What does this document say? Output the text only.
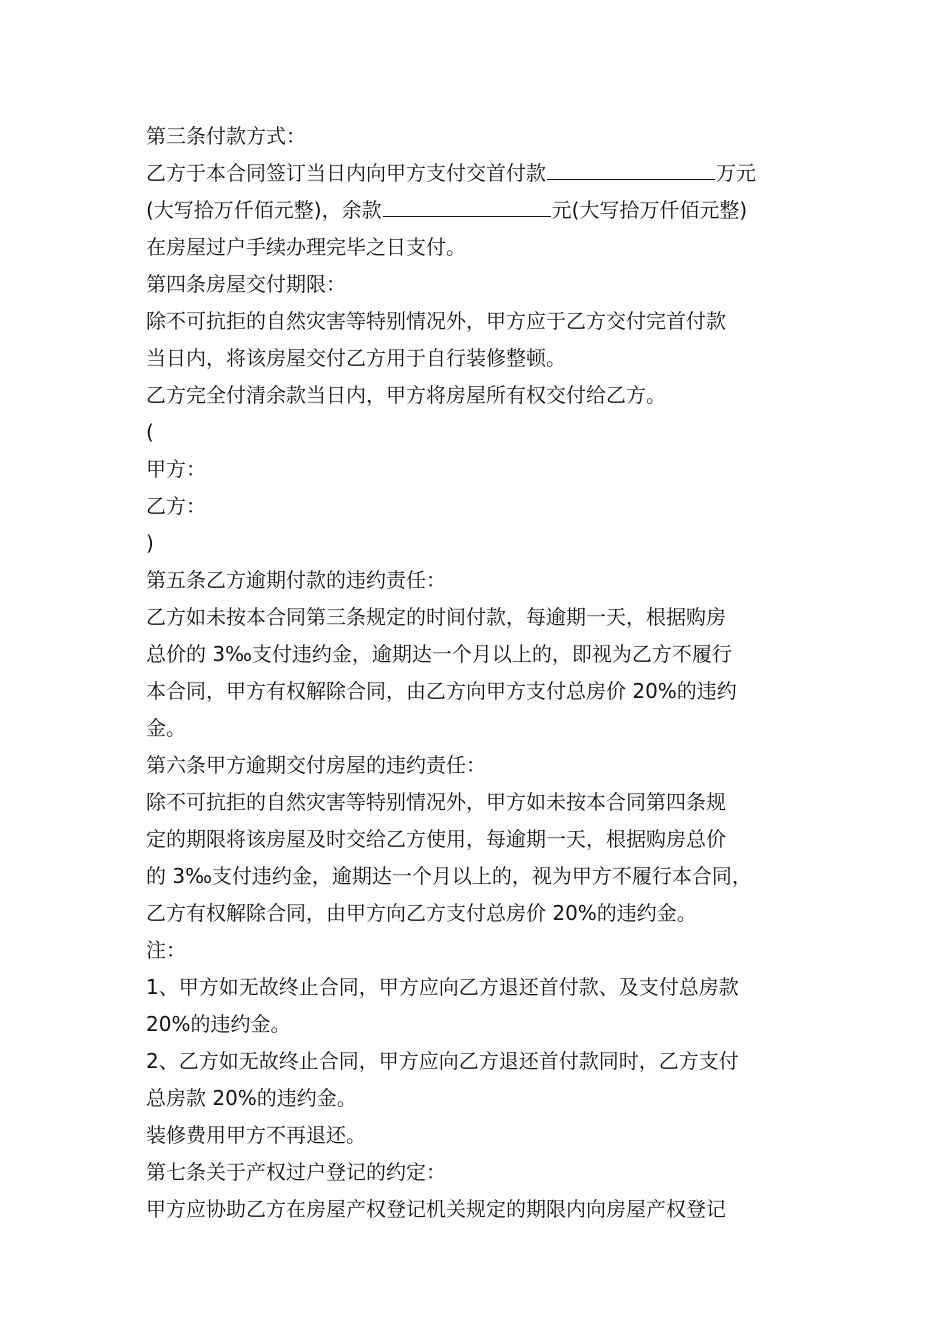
第三条付款方式：
乙方于本合同签订当日内向甲方支付交首付款	万元
(大写拾万仟佰元整)，余款	元(大写拾万仟佰元整)
在房屋过户手续办理完毕之日支付。
第四条房屋交付期限：
除不可抗拒的自然灾害等特别情况外，甲方应于乙方交付完首付款
当日内，将该房屋交付乙方用于自行装修整顿。
乙方完全付清余款当日内，甲方将房屋所有权交付给乙方。
(
甲方：
乙方：
)
第五条乙方逾期付款的违约责任：
乙方如未按本合同第三条规定的时间付款，每逾期一天，根据购房
总价的 3‰支付违约金，逾期达一个月以上的，即视为乙方不履行
本合同，甲方有权解除合同，由乙方向甲方支付总房价 20%的违约
金。
第六条甲方逾期交付房屋的违约责任：
除不可抗拒的自然灾害等特别情况外，甲方如未按本合同第四条规
定的期限将该房屋及时交给乙方使用，每逾期一天，根据购房总价
的 3‰支付违约金，逾期达一个月以上的，视为甲方不履行本合同，
乙方有权解除合同，由甲方向乙方支付总房价 20%的违约金。
注：
1、甲方如无故终止合同，甲方应向乙方退还首付款、及支付总房款
20%的违约金。
2、乙方如无故终止合同，甲方应向乙方退还首付款同时，乙方支付
总房款 20%的违约金。
装修费用甲方不再退还。
第七条关于产权过户登记的约定：
甲方应协助乙方在房屋产权登记机关规定的期限内向房屋产权登记
